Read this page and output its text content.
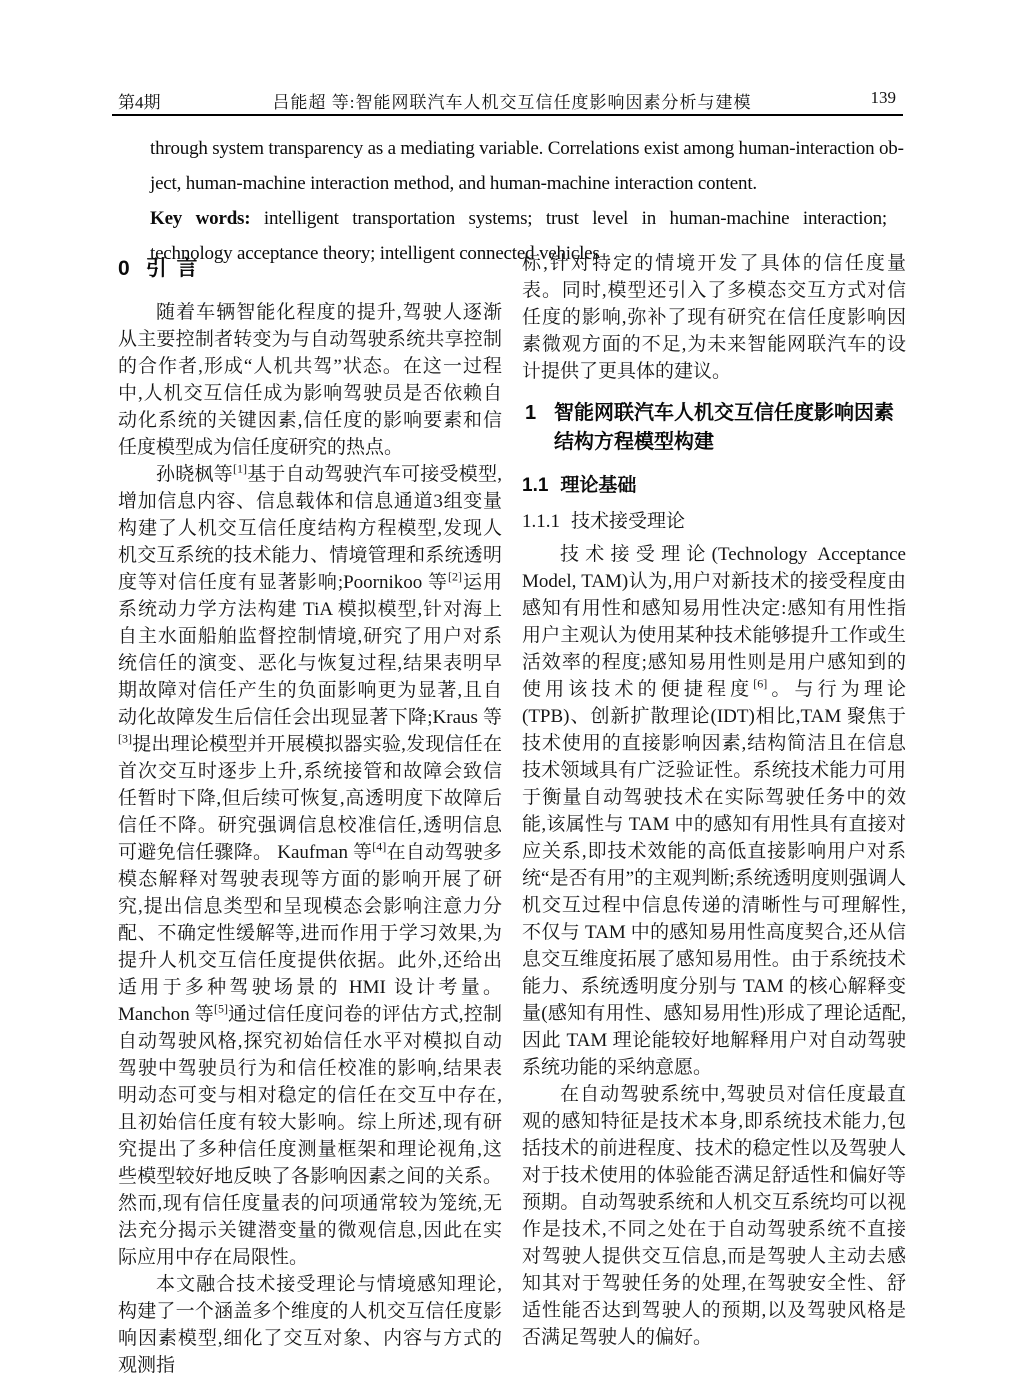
第4期	吕能超 等:智能网联汽车人机交互信任度影响因素分析与建模	139
through system transparency as a mediating variable. Correlations exist among human-interaction ob-
ject, human-machine interaction method, and human-machine interaction content.
Key words: intelligent transportation systems; trust level in human-machine interaction; technology acceptance theory; intelligent connected vehicles
0 引 言

随着车辆智能化程度的提升,驾驶人逐渐从主要控制者转变为与自动驾驶系统共享控制的合作者,形成“人机共驾”状态。在这一过程中,人机交互信任成为影响驾驶员是否依赖自动化系统的关键因素,信任度的影响要素和信任度模型成为信任度研究的热点。

孙晓枫等[1]基于自动驾驶汽车可接受模型,增加信息内容、信息载体和信息通道3组变量构建了人机交互信任度结构方程模型,发现人机交互系统的技术能力、情境管理和系统透明度等对信任度有显著影响;Poornikoo 等[2]运用系统动力学方法构建 TiA 模拟模型,针对海上自主水面船舶监督控制情境,研究了用户对系统信任的演变、恶化与恢复过程,结果表明早期故障对信任产生的负面影响更为显著,且自动化故障发生后信任会出现显著下降;Kraus 等[3]提出理论模型并开展模拟器实验,发现信任在首次交互时逐步上升,系统接管和故障会致信任暂时下降,但后续可恢复,高透明度下故障后信任不降。研究强调信息校准信任,透明信息可避免信任骤降。 Kaufman 等[4]在自动驾驶多模态解释对驾驶表现等方面的影响开展了研究,提出信息类型和呈现模态会影响注意力分配、不确定性缓解等,进而作用于学习效果,为提升人机交互信任度提供依据。此外,还给出适用于多种驾驶场景的 HMI 设计考量。 Manchon 等[5]通过信任度问卷的评估方式,控制自动驾驶风格,探究初始信任水平对模拟自动驾驶中驾驶员行为和信任校准的影响,结果表明动态可变与相对稳定的信任在交互中存在,且初始信任度有较大影响。综上所述,现有研究提出了多种信任度测量框架和理论视角,这些模型较好地反映了各影响因素之间的关系。然而,现有信任度量表的问项通常较为笼统,无法充分揭示关键潜变量的微观信息,因此在实际应用中存在局限性。

本文融合技术接受理论与情境感知理论,构建了一个涵盖多个维度的人机交互信任度影响因素模型,细化了交互对象、内容与方式的观测指

标,针对特定的情境开发了具体的信任度量表。同时,模型还引入了多模态交互方式对信任度的影响,弥补了现有研究在信任度影响因素微观方面的不足,为未来智能网联汽车的设计提供了更具体的建议。

1 智能网联汽车人机交互信任度影响因素
结构方程模型构建
1.1 理论基础
1.1.1 技术接受理论

技术接受理论(Technology Acceptance Model, TAM)认为,用户对新技术的接受程度由感知有用性和感知易用性决定:感知有用性指用户主观认为使用某种技术能够提升工作或生活效率的程度;感知易用性则是用户感知到的使用该技术的便捷程度[6]。与行为理论(TPB)、创新扩散理论(IDT)相比,TAM 聚焦于技术使用的直接影响因素,结构简洁且在信息技术领域具有广泛验证性。系统技术能力可用于衡量自动驾驶技术在实际驾驶任务中的效能,该属性与 TAM 中的感知有用性具有直接对应关系,即技术效能的高低直接影响用户对系统“是否有用”的主观判断;系统透明度则强调人机交互过程中信息传递的清晰性与可理解性,不仅与 TAM 中的感知易用性高度契合,还从信息交互维度拓展了感知易用性。由于系统技术能力、系统透明度分别与 TAM 的核心解释变量(感知有用性、感知易用性)形成了理论适配,因此 TAM 理论能较好地解释用户对自动驾驶系统功能的采纳意愿。

在自动驾驶系统中,驾驶员对信任度最直观的感知特征是技术本身,即系统技术能力,包括技术的前进程度、技术的稳定性以及驾驶人对于技术使用的体验能否满足舒适性和偏好等预期。自动驾驶系统和人机交互系统均可以视作是技术,不同之处在于自动驾驶系统不直接对驾驶人提供交互信息,而是驾驶人主动去感知其对于驾驶任务的处理,在驾驶安全性、舒适性能否达到驾驶人的预期,以及驾驶风格是否满足驾驶人的偏好。
